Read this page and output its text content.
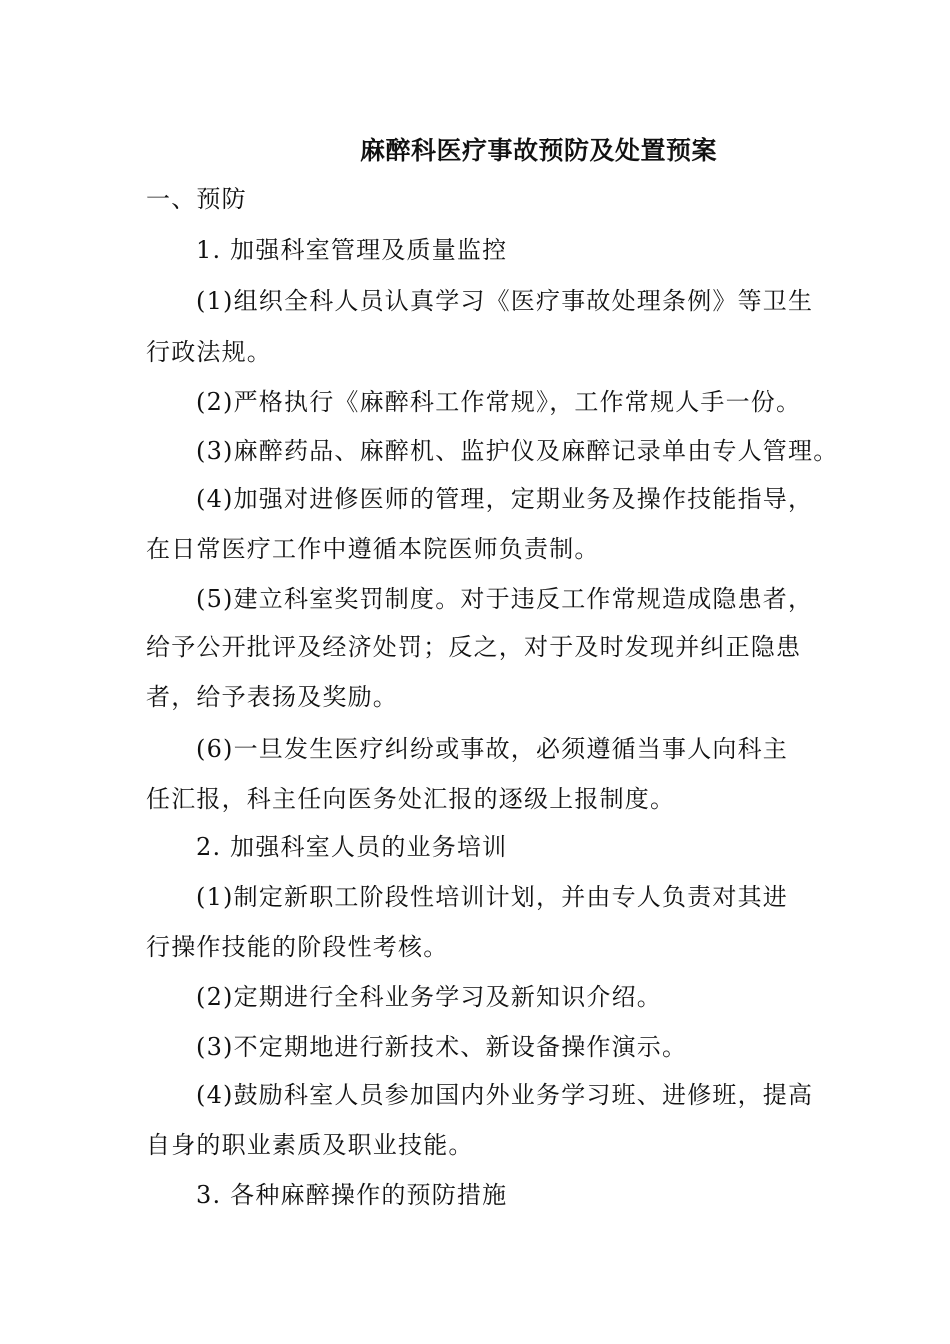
麻醉科医疗事故预防及处置预案
一、预防
1. 加强科室管理及质量监控
(1)组织全科人员认真学习《医疗事故处理条例》等卫生
行政法规。
(2)严格执行《麻醉科工作常规》，工作常规人手一份。
(3)麻醉药品、麻醉机、监护仪及麻醉记录单由专人管理。
(4)加强对进修医师的管理，定期业务及操作技能指导，
在日常医疗工作中遵循本院医师负责制。
(5)建立科室奖罚制度。对于违反工作常规造成隐患者，
给予公开批评及经济处罚；反之，对于及时发现并纠正隐患
者，给予表扬及奖励。
(6)一旦发生医疗纠纷或事故，必须遵循当事人向科主
任汇报，科主任向医务处汇报的逐级上报制度。
2. 加强科室人员的业务培训
(1)制定新职工阶段性培训计划，并由专人负责对其进
行操作技能的阶段性考核。
(2)定期进行全科业务学习及新知识介绍。
(3)不定期地进行新技术、新设备操作演示。
(4)鼓励科室人员参加国内外业务学习班、进修班，提高
自身的职业素质及职业技能。
3. 各种麻醉操作的预防措施
